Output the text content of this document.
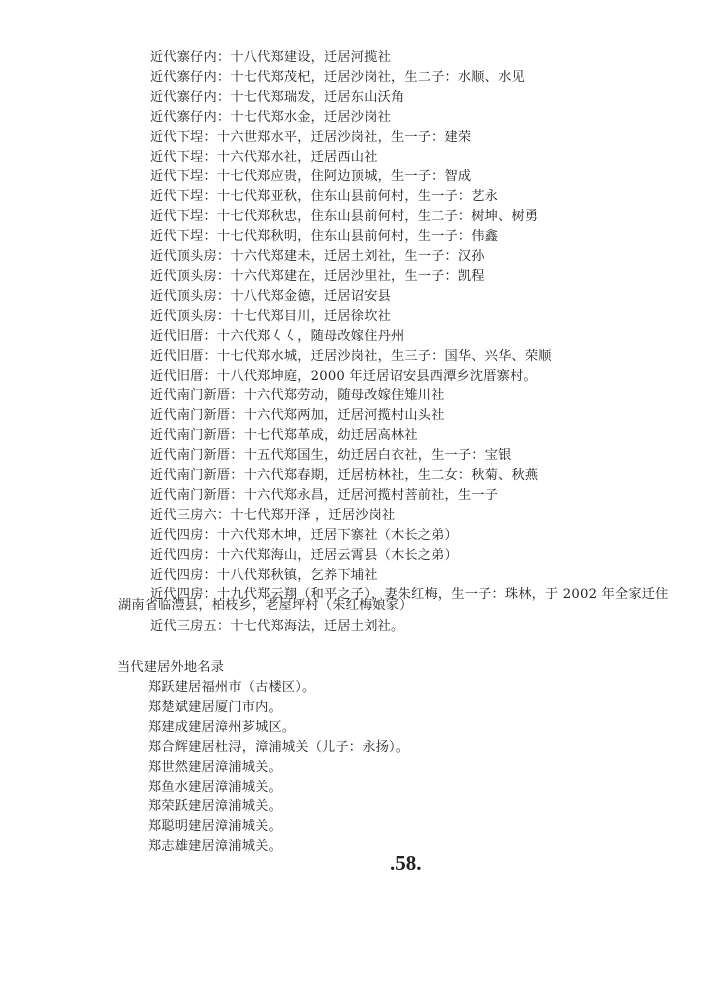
近代寨仔内：十八代郑建设，迁居河揽社
近代寨仔内：十七代郑茂杞，迁居沙岗社，生二子：水顺、水见
近代寨仔内：十七代郑瑞发，迁居东山沃角
近代寨仔内：十七代郑水金，迁居沙岗社
近代下埕：十六世郑水平，迁居沙岗社，生一子：建荣
近代下埕：十六代郑水社，迁居西山社
近代下埕：十七代郑应贵，住阿边顶城，生一子：智成
近代下埕：十七代郑亚秋，住东山县前何村，生一子：艺永
近代下埕：十七代郑秋忠，住东山县前何村，生二子：树坤、树勇
近代下埕：十七代郑秋明，住东山县前何村，生一子：伟鑫
近代顶头房：十六代郑建未，迁居土刘社，生一子：汉孙
近代顶头房：十六代郑建在，迁居沙里社，生一子：凯程
近代顶头房：十八代郑金德，迁居诏安县
近代顶头房：十七代郑目川，迁居徐坎社
近代旧厝：十六代郑𡿨𡿨，随母改嫁住丹州
近代旧厝：十七代郑水城，迁居沙岗社，生三子：国华、兴华、荣顺
近代旧厝：十八代郑坤庭，2000 年迁居诏安县西潭乡沈厝寨村。
近代南门新厝：十六代郑劳动，随母改嫁住雉川社
近代南门新厝：十六代郑两加，迁居河揽村山头社
近代南门新厝：十七代郑革成，幼迁居高林社
近代南门新厝：十五代郑国生，幼迁居白衣社，生一子：宝银
近代南门新厝：十六代郑春期，迁居枋林社，生二女：秋菊、秋燕
近代南门新厝：十六代郑永昌，迁居河揽村菩前社，生一子
近代三房六：十七代郑开泽 ，迁居沙岗社
近代四房：十六代郑木坤，迁居下寨社（木长之弟）
近代四房：十六代郑海山，迁居云霄县（木长之弟）
近代四房：十八代郑秋镇，乞养下埔社
近代四房：十九代郑云翔（和平之子），妻朱红梅，生一子：珠林，于 2002 年全家迁住
湖南省临澧县，柏枝乡，老屋坪村（朱红梅娘家）
近代三房五：十七代郑海法，迁居土刘社。
当代建居外地名录
郑跃建居福州市（古楼区）。
郑楚斌建居厦门市内。
郑建成建居漳州芗城区。
郑合辉建居杜浔，漳浦城关（儿子：永扬）。
郑世然建居漳浦城关。
郑鱼水建居漳浦城关。
郑荣跃建居漳浦城关。
郑聪明建居漳浦城关。
郑志雄建居漳浦城关。
.58.
